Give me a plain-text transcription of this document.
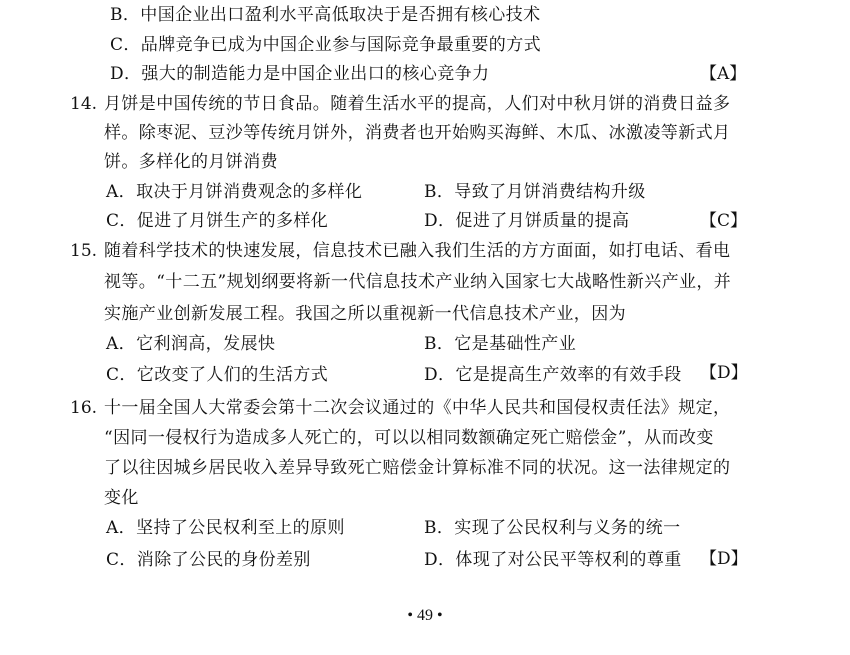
B．中国企业出口盈利水平高低取决于是否拥有核心技术
C．品牌竞争已成为中国企业参与国际竞争最重要的方式
D．强大的制造能力是中国企业出口的核心竞争力	【A】
14. 月饼是中国传统的节日食品。随着生活水平的提高，人们对中秋月饼的消费日益多
样。除枣泥、豆沙等传统月饼外，消费者也开始购买海鲜、木瓜、冰激凌等新式月
饼。多样化的月饼消费
A．取决于月饼消费观念的多样化	B．导致了月饼消费结构升级
C．促进了月饼生产的多样化	D．促进了月饼质量的提高	【C】
15. 随着科学技术的快速发展，信息技术已融入我们生活的方方面面，如打电话、看电
视等。“十二五”规划纲要将新一代信息技术产业纳入国家七大战略性新兴产业，并
实施产业创新发展工程。我国之所以重视新一代信息技术产业，因为
A．它利润高，发展快	B．它是基础性产业
C．它改变了人们的生活方式	D．它是提高生产效率的有效手段 【D】
16. 十一届全国人大常委会第十二次会议通过的《中华人民共和国侵权责任法》规定，
“因同一侵权行为造成多人死亡的，可以以相同数额确定死亡赔偿金”，从而改变
了以往因城乡居民收入差异导致死亡赔偿金计算标准不同的状况。这一法律规定的
变化
A．坚持了公民权利至上的原则	B．实现了公民权利与义务的统一
C．消除了公民的身份差别	D．体现了对公民平等权利的尊重 【D】
• 49 •
